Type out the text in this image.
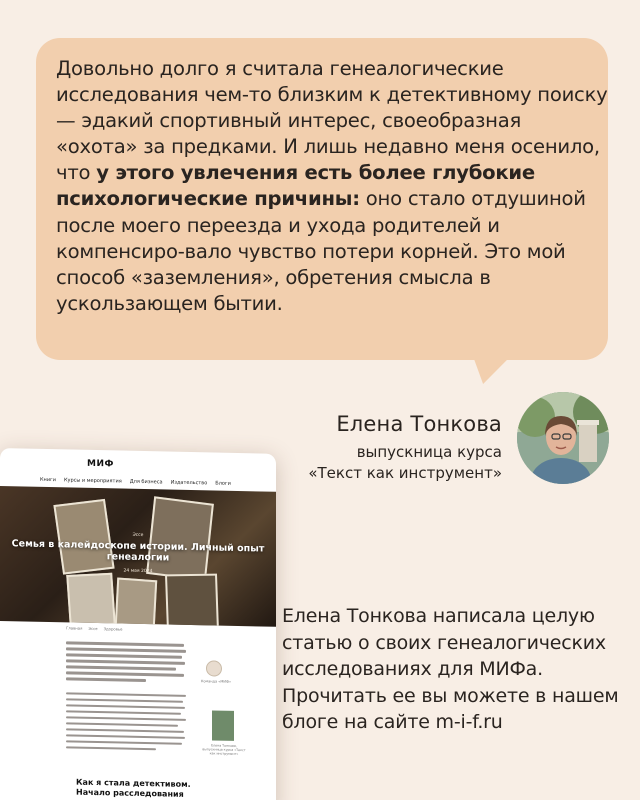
Довольно долго я считала генеалогические исследования чем-то близким к детективному поиску — эдакий спортивный интерес, своеобразная «охота» за предками. И лишь недавно меня осенило, что у этого увлечения есть более глубокие психологические причины: оно стало отдушиной после моего переезда и ухода родителей и компенсиро-вало чувство потери корней. Это мой способ «заземления», обретения смысла в ускользающем бытии.

Елена Тонкова
выпускница курса
«Текст как инструмент»
Елена Тонкова написала целую статью о своих генеалогических исследованиях для МИФа. Прочитать ее вы можете в нашем блоге на сайте m-i-f.ru
МИФ
Книги Курсы и мероприятия Для бизнеса Издательство Блоги
Эссе
Семья в калейдоскопе истории. Личный опыт генеалогии
24 мая 2024
Главная Эссе Здоровье
Команда «МИФ»
Елена Тонкова, выпускница курса «Текст как инструмент»
Как я стала детективом. Начало расследования
